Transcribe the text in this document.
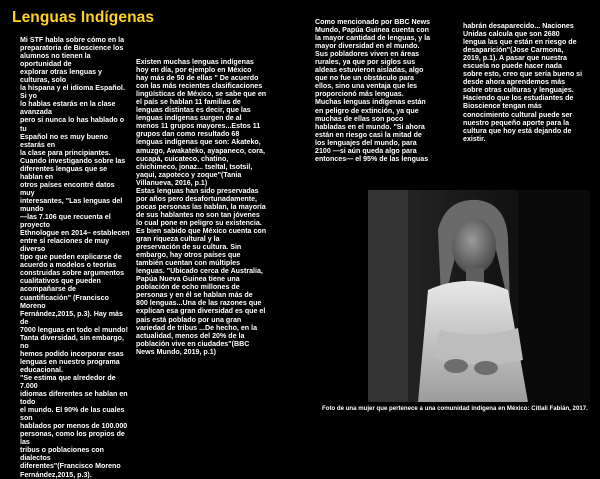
Lenguas Indígenas
Mi STF habla sobre cómo en la
preparatoria de Bioscience los
alumnos no tienen la oportunidad de
explorar otras lenguas y culturas, solo
la hispana y el idioma Español. Si yo
lo hablas estarás en la clase avanzada
pero si nunca lo has hablado o tu
Español no es muy bueno estarás en
la clase para principiantes.
Cuando investigando sobre las
diferentes lenguas que se hablan en
otros países encontré datos muy
interesantes, "Las lenguas del mundo
—las 7.106 que recuenta el proyecto
Ethnologue en 2014– establecen
entre sí relaciones de muy diverso
tipo que pueden explicarse de
acuerdo a modelos o teorías
construidas sobre argumentos
cualitativos que pueden
acompañarse de
cuantificación" (Francisco Moreno
Fernández,2015, p.3). Hay más de
7000 lenguas en todo el mundo!
Tanta diversidad, sin embargo, no
hemos podido incorporar esas
lenguas en nuestro programa
educacional.
"Se estima que alrededor de 7.000
idiomas diferentes se hablan en todo
el mundo. El 90% de las cuales son
hablados por menos de 100.000
personas, como los propios de las
tribus o poblaciones con dialectos
diferentes"(Francisco Moreno
Fernández,2015, p.3).
Existen muchas lenguas indígenas
hoy en día, por ejemplo en México
hay más de 50 de ellas " De acuerdo
con las más recientes clasificaciones
lingüísticas de México, se sabe que en
el país se hablan 11 familias de
lenguas distintas es decir, que las
lenguas indígenas surgen de al
menos 11 grupos mayores...Estos 11
grupos dan como resultado 68
lenguas indígenas que son: Akateko,
amuzgo, Awakateko, ayapaneco, cora,
cucapá, cuicateco, chatino,
chichimeco, jonaz... tseltal, tsotsil,
yaqui, zapoteco y zoque"(Tania
Villanueva, 2016, p.1)
Estas lenguas han sido preservadas
por años pero desafortunadamente,
pocas personas las hablan, la mayoría
de sus hablantes no son tan jóvenes
lo cual pone en peligro su existencia.
Es bien sabido que México cuenta con
gran riqueza cultural y la
preservación de su cultura. Sin
embargo, hay otros países que
también cuentan con múltiples
lenguas. "Ubicado cerca de Australia,
Papúa Nueva Guinea tiene una
población de ocho millones de
personas y en él se hablan más de
800 lenguas...Una de las razones que
explican esa gran diversidad es que el
país está poblado por una gran
variedad de tribus ...De hecho, en la
actualidad, menos del 20% de la
población vive en ciudades"(BBC
News Mundo, 2019, p.1)
Como mencionado por BBC News
Mundo, Papúa Guinea cuenta con
la mayor cantidad de lenguas, y la
mayor diversidad en el mundo.
Sus pobladores viven en áreas
rurales, ya que por siglos sus
aldeas estuvieron aisladas, algo
que no fue un obstáculo para
ellos, sino una ventaja que les
proporcionó más lenguas.
Muchas lenguas indígenas están
en peligro de extinción, ya que
muchas de ellas son poco
habladas en el mundo. "Si ahora
están en riesgo casi la mitad de
los lenguajes del mundo, para
2100 —si aún queda algo para
entonces— el 95% de las lenguas
habrán desaparecido... Naciones
Unidas calcula que son 2680
lengua las que están en riesgo de
desaparición"(Jose Carmona,
2019, p.1). A pasar que nuestra
escuela no puede hacer nada
sobre esto, creo que sería bueno si
desde ahora aprendemos más
sobre otras culturas y lenguajes.
Haciendo que los estudiantes de
Bioscience tengan más
conocimiento cultural puede ser
nuestro pequeño aporte para la
cultura que hoy está dejando de
existir.
Foto de una mujer que pertenece a una comunidad indígena en México: Citlali Fabián, 2017.
